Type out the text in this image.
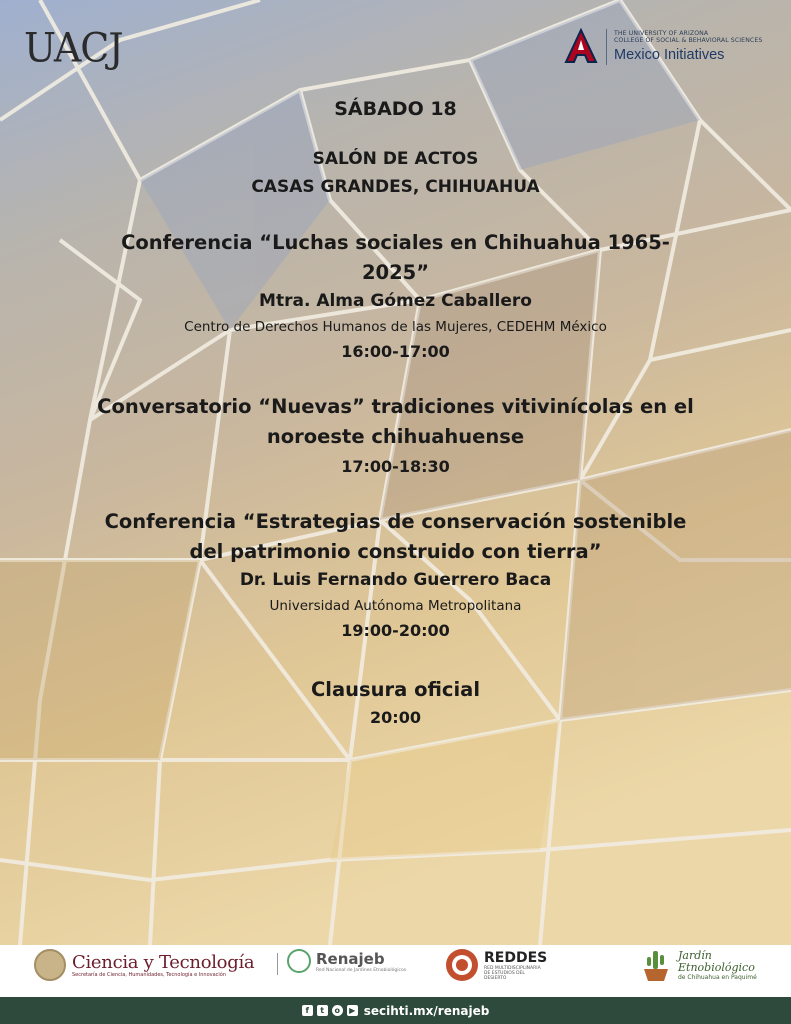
UACJ	THE UNIVERSITY OF ARIZONA
COLLEGE OF SOCIAL & BEHAVIORAL SCIENCES
Mexico Initiatives
SÁBADO 18
SALÓN DE ACTOS
CASAS GRANDES, CHIHUAHUA
Conferencia “Luchas sociales en Chihuahua 1965-
2025”
Mtra. Alma Gómez Caballero
Centro de Derechos Humanos de las Mujeres, CEDEHM México
16:00-17:00
Conversatorio “Nuevas” tradiciones vitivinícolas en el
noroeste chihuahuense
17:00-18:30
Conferencia “Estrategias de conservación sostenible
del patrimonio construido con tierra”
Dr. Luis Fernando Guerrero Baca
Universidad Autónoma Metropolitana
19:00-20:00
Clausura oficial
20:00
Ciencia y Tecnología
Secretaría de Ciencia, Humanidades, Tecnología e Innovación
Renajeb
Red Nacional de Jardines Etnobiológicos
REDDES
RED MULTIDISCIPLINARIA
DE ESTUDIOS DEL
DESIERTO
Jardín
Etnobiológico
de Chihuahua en Paquimé
f	t	o	▶ secihti.mx/renajeb
